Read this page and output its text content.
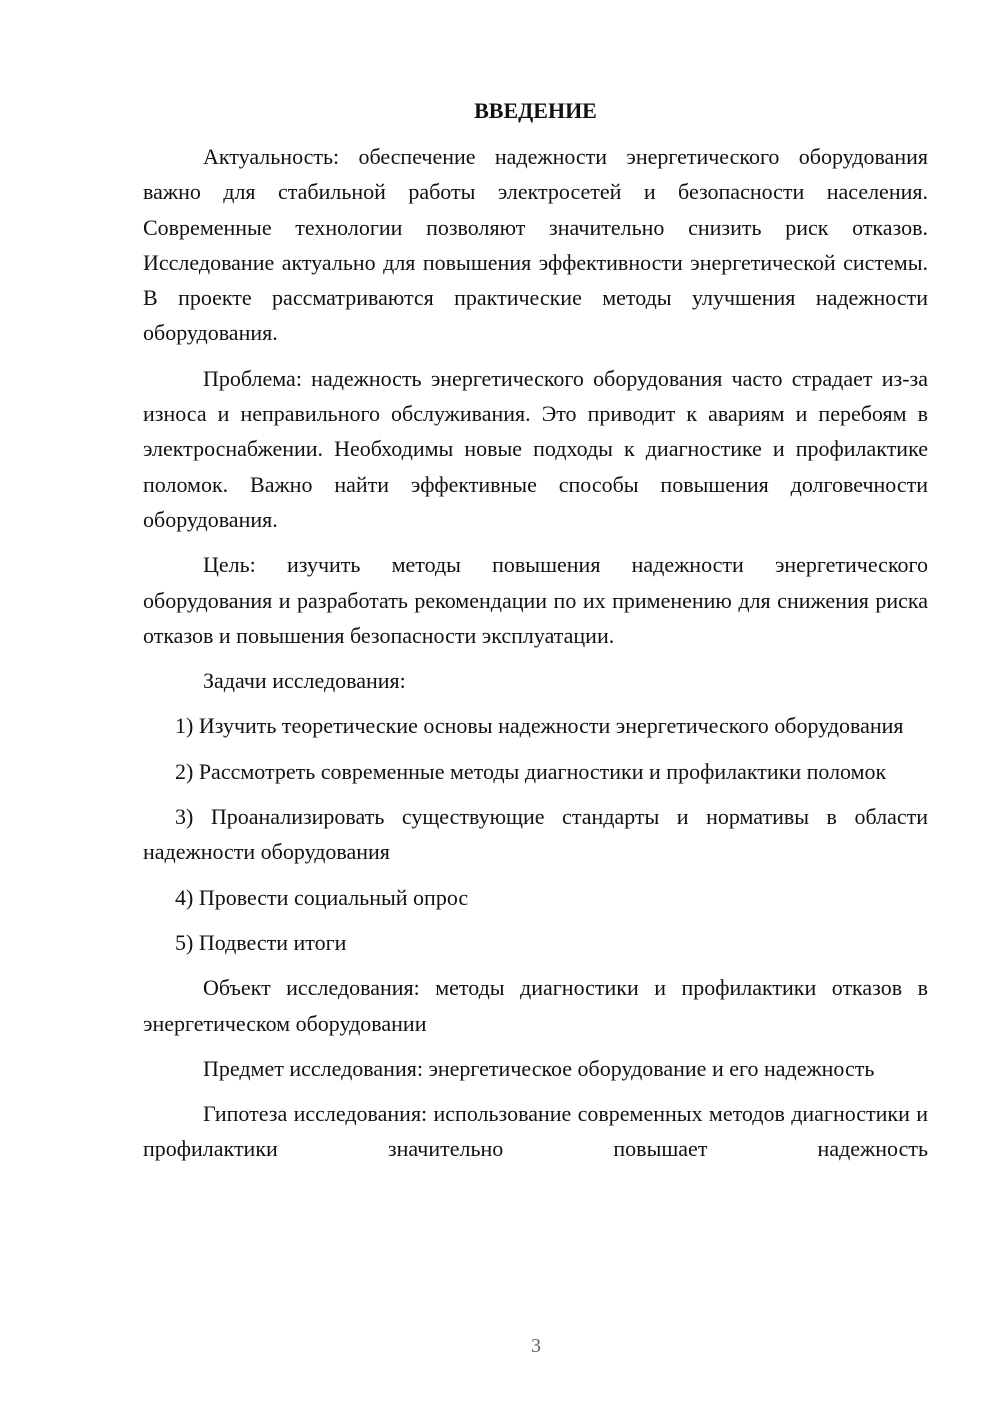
ВВЕДЕНИЕ

Актуальность: обеспечение надежности энергетического оборудования важно для стабильной работы электросетей и безопасности населения. Современные технологии позволяют значительно снизить риск отказов. Исследование актуально для повышения эффективности энергетической системы. В проекте рассматриваются практические методы улучшения надежности оборудования.

Проблема: надежность энергетического оборудования часто страдает из-за износа и неправильного обслуживания. Это приводит к авариям и перебоям в электроснабжении. Необходимы новые подходы к диагностике и профилактике поломок. Важно найти эффективные способы повышения долговечности оборудования.

Цель: изучить методы повышения надежности энергетического оборудования и разработать рекомендации по их применению для снижения риска отказов и повышения безопасности эксплуатации.

Задачи исследования:

1) Изучить теоретические основы надежности энергетического оборудования

2) Рассмотреть современные методы диагностики и профилактики поломок

3) Проанализировать существующие стандарты и нормативы в области надежности оборудования

4) Провести социальный опрос

5) Подвести итоги

Объект исследования: методы диагностики и профилактики отказов в энергетическом оборудовании

Предмет исследования: энергетическое оборудование и его надежность

Гипотеза исследования: использование современных методов диагностики и профилактики значительно повышает надежность

3
